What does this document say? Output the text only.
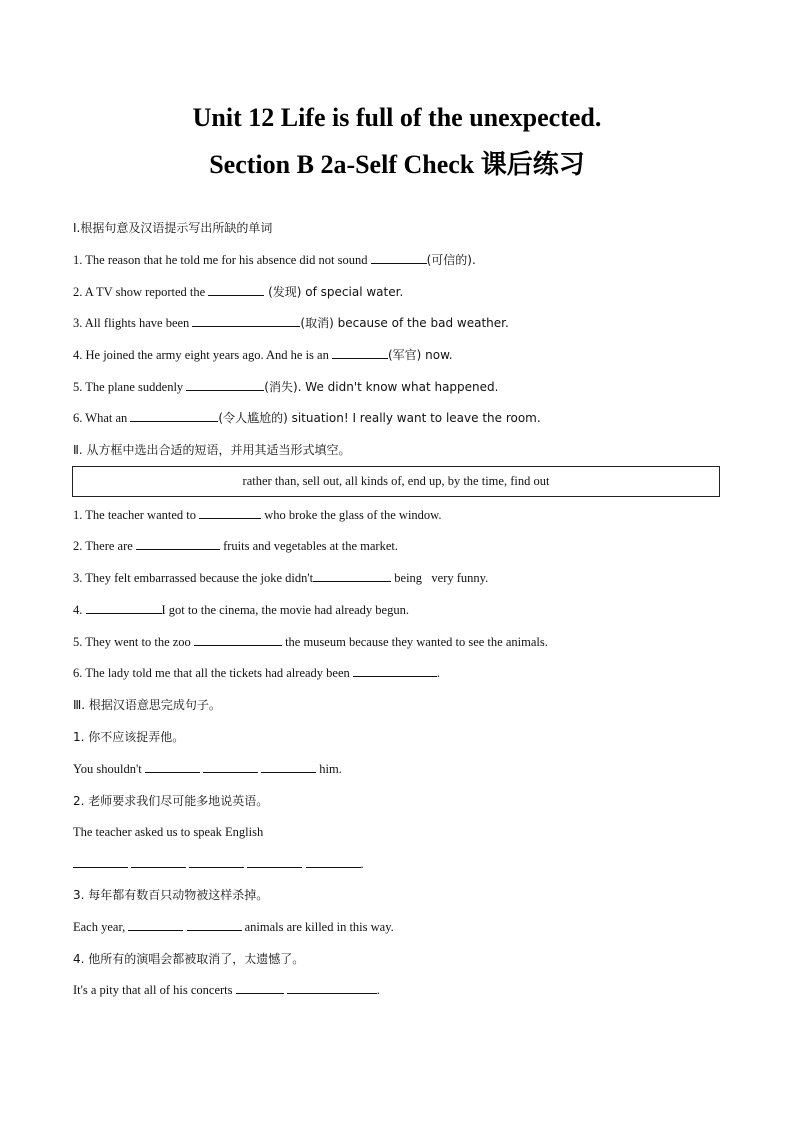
Unit 12 Life is full of the unexpected.
Section B 2a-Self Check 课后练习
Ⅰ.根据句意及汉语提示写出所缺的单词
1. The reason that he told me for his absence did not sound	(可信的).
2. A TV show reported the	(发现) of special water.
3. All flights have been	(取消) because of the bad weather.
4. He joined the army eight years ago. And he is an	(军官) now.
5. The plane suddenly	(消失). We didn't know what happened.
6. What an	(令人尴尬的) situation! I really want to leave the room.
Ⅱ. 从方框中选出合适的短语，并用其适当形式填空。
rather than, sell out, all kinds of, end up, by the time, find out
1. The teacher wanted to	who broke the glass of the window.
2. There are	fruits and vegetables at the market.
3. They felt embarrassed because the joke didn't	being   very funny.
4.	I got to the cinema, the movie had already begun.
5. They went to the zoo	the museum because they wanted to see the animals.
6. The lady told me that all the tickets had already been	.
Ⅲ. 根据汉语意思完成句子。
1. 你不应该捉弄他。
You shouldn't	him.
2. 老师要求我们尽可能多地说英语。
The teacher asked us to speak English
.
3. 每年都有数百只动物被这样杀掉。
Each year,	animals are killed in this way.
4. 他所有的演唱会都被取消了，太遗憾了。
It's a pity that all of his concerts	.
